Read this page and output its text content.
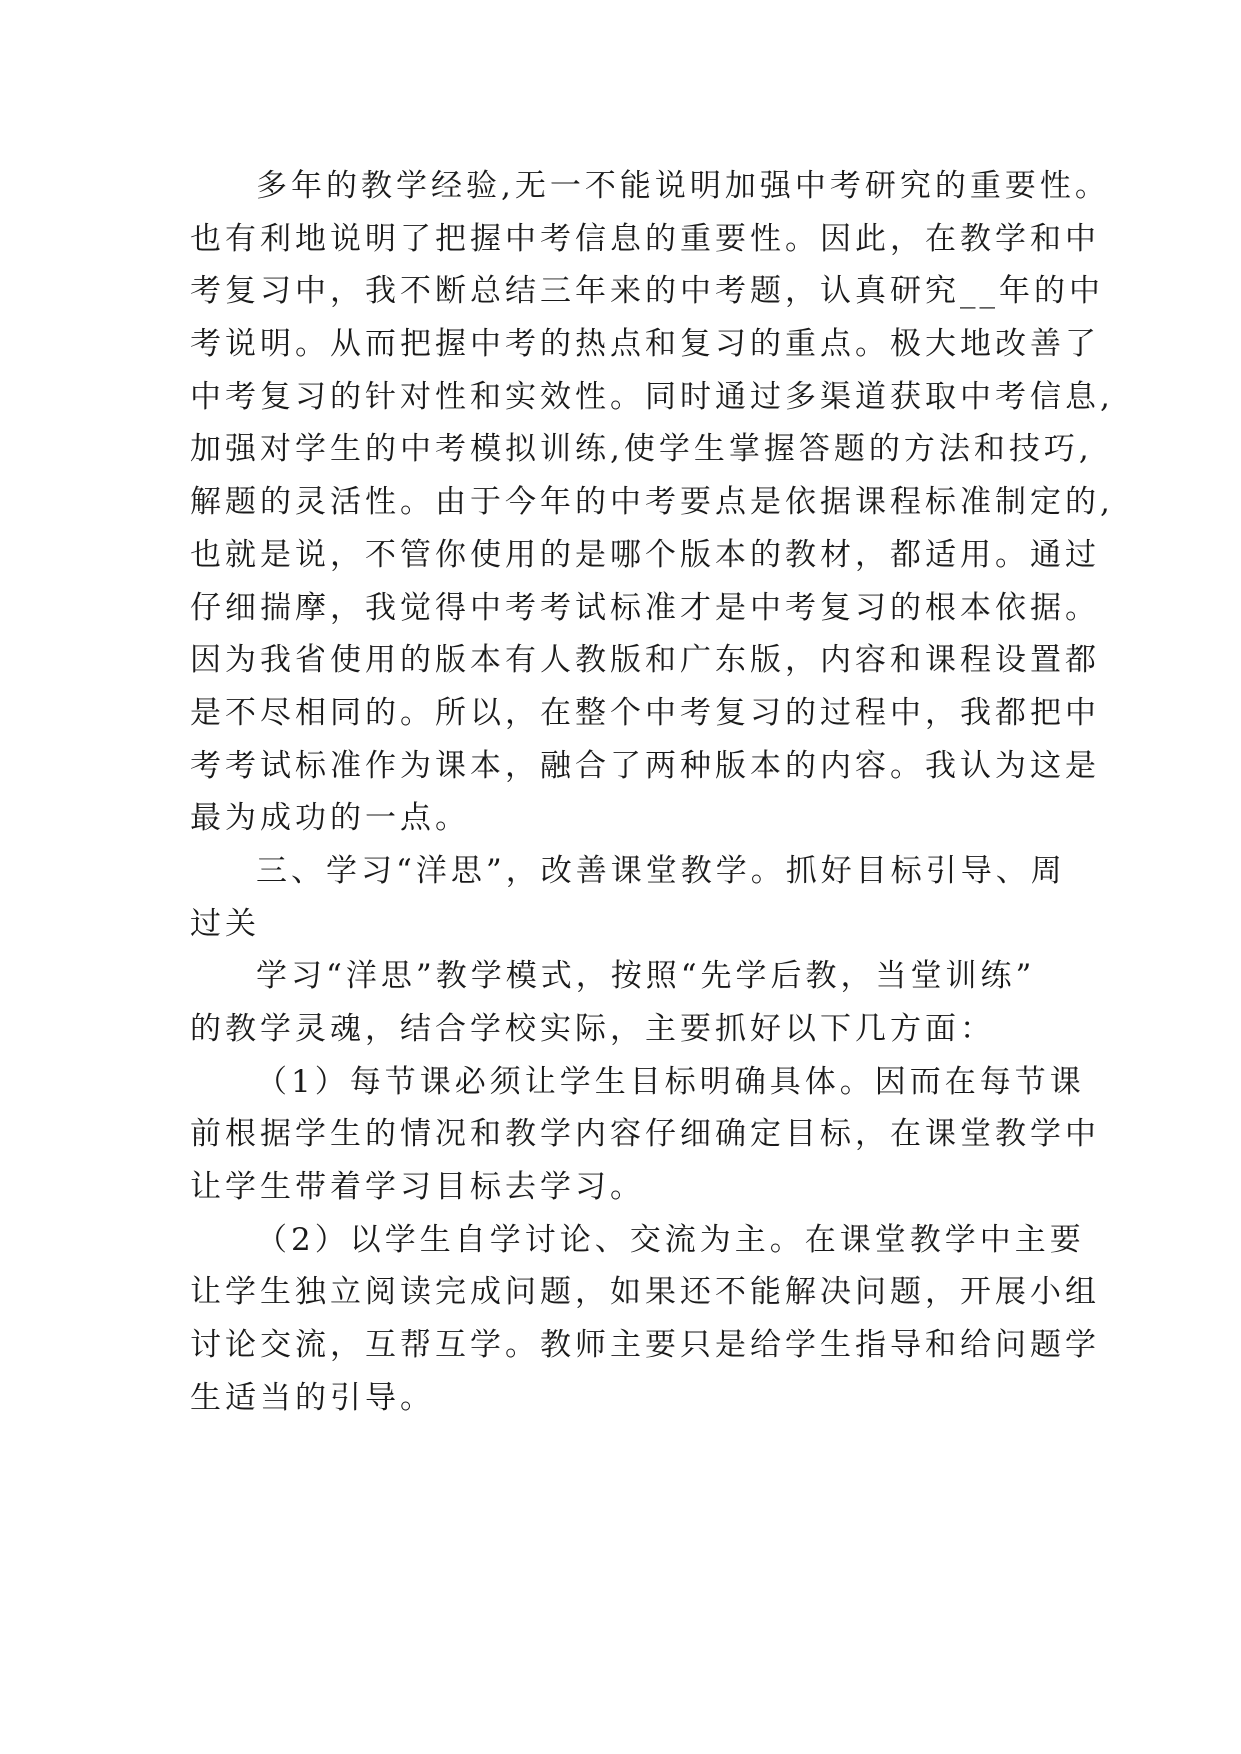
多年的教学经验,无一不能说明加强中考研究的重要性。
也有利地说明了把握中考信息的重要性。因此，在教学和中
考复习中，我不断总结三年来的中考题，认真研究__年的中
考说明。从而把握中考的热点和复习的重点。极大地改善了
中考复习的针对性和实效性。同时通过多渠道获取中考信息,
加强对学生的中考模拟训练,使学生掌握答题的方法和技巧,
解题的灵活性。由于今年的中考要点是依据课程标准制定的,
也就是说，不管你使用的是哪个版本的教材，都适用。通过
仔细揣摩，我觉得中考考试标准才是中考复习的根本依据。
因为我省使用的版本有人教版和广东版，内容和课程设置都
是不尽相同的。所以，在整个中考复习的过程中，我都把中
考考试标准作为课本，融合了两种版本的内容。我认为这是
最为成功的一点。
三、学习“洋思”，改善课堂教学。抓好目标引导、周
过关
学习“洋思”教学模式，按照“先学后教，当堂训练”
的教学灵魂，结合学校实际，主要抓好以下几方面：
（1）每节课必须让学生目标明确具体。因而在每节课
前根据学生的情况和教学内容仔细确定目标，在课堂教学中
让学生带着学习目标去学习。
（2）以学生自学讨论、交流为主。在课堂教学中主要
让学生独立阅读完成问题，如果还不能解决问题，开展小组
讨论交流，互帮互学。教师主要只是给学生指导和给问题学
生适当的引导。
